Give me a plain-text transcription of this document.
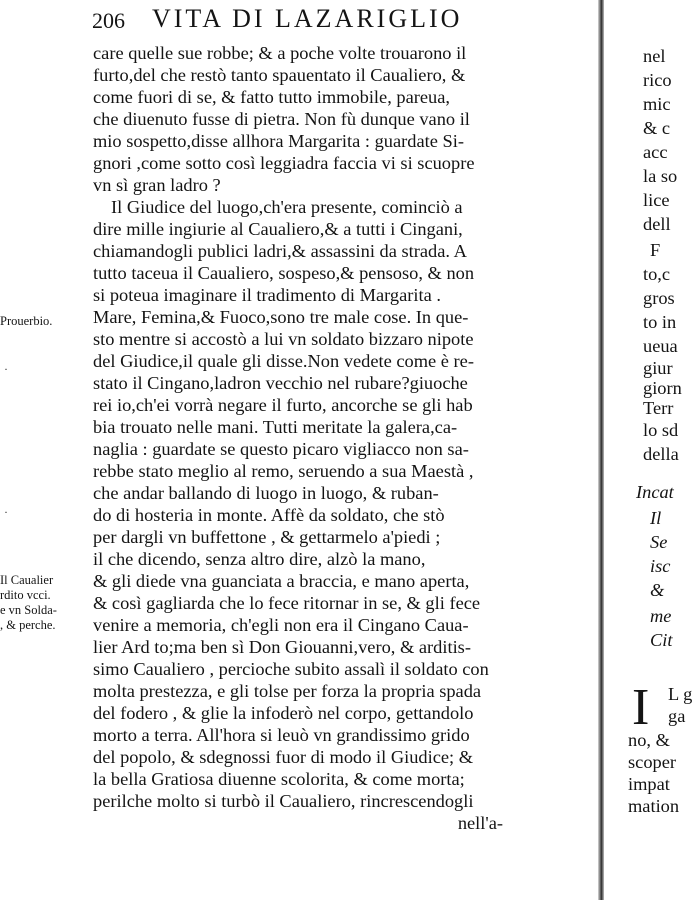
206 VITA DI LAZARIGLIO
care quelle sue robbe; & a poche volte trouarono il
furto,del che restò tanto spauentato il Caualiero, &
come fuori di se, & fatto tutto immobile, pareua,
che diuenuto fusse di pietra. Non fù dunque vano il
mio sospetto,disse allhora Margarita : guardate Si-
gnori ,come sotto così leggiadra faccia vi si scuopre
vn sì gran ladro ?
Il Giudice del luogo,ch'era presente, cominciò a
dire mille ingiurie al Caualiero,& a tutti i Cingani,
chiamandogli publici ladri,& assassini da strada. A
tutto taceua il Caualiero, sospeso,& pensoso, & non
si poteua imaginare il tradimento di Margarita .
Mare, Femina,& Fuoco,sono tre male cose. In que-
sto mentre si accostò a lui vn soldato bizzaro nipote
del Giudice,il quale gli disse.Non vedete come è re-
stato il Cingano,ladron vecchio nel rubare?giuoche
rei io,ch'ei vorrà negare il furto, ancorche se gli hab
bia trouato nelle mani. Tutti meritate la galera,ca-
naglia : guardate se questo picaro vigliacco non sa-
rebbe stato meglio al remo, seruendo a sua Maestà ,
che andar ballando di luogo in luogo, & ruban-
do di hosteria in monte. Affè da soldato, che stò
per dargli vn buffettone , & gettarmelo a'piedi ;
il che dicendo, senza altro dire, alzò la mano,
& gli diede vna guanciata a braccia, e mano aperta,
& così gagliarda che lo fece ritornar in se, & gli fece
venire a memoria, ch'egli non era il Cingano Caua-
lier Ard to;ma ben sì Don Giouanni,vero, & arditis-
simo Caualiero , percioche subito assalì il soldato con
molta prestezza, e gli tolse per forza la propria spada
del fodero , & glie la infoderò nel corpo, gettandolo
morto a terra. All'hora si leuò vn grandissimo grido
del popolo, & sdegnossi fuor di modo il Giudice; &
la bella Gratiosa diuenne scolorita, & come morta;
perilche molto si turbò il Caualiero, rincrescendogli
nell'a-
Prouerbio.
Il Caualier
rdito vcci.
e vn Solda-
, & perche.
·
·
nel
rico
mic
& c
acc
la so
lice
dell
F
to,c
gros
to in
ueua
giur
giorn
Terr
lo sd
della
Incat
Il
Se
isc
&
me
Cit
I L g
ga
no, &
scoper
impat
mation
